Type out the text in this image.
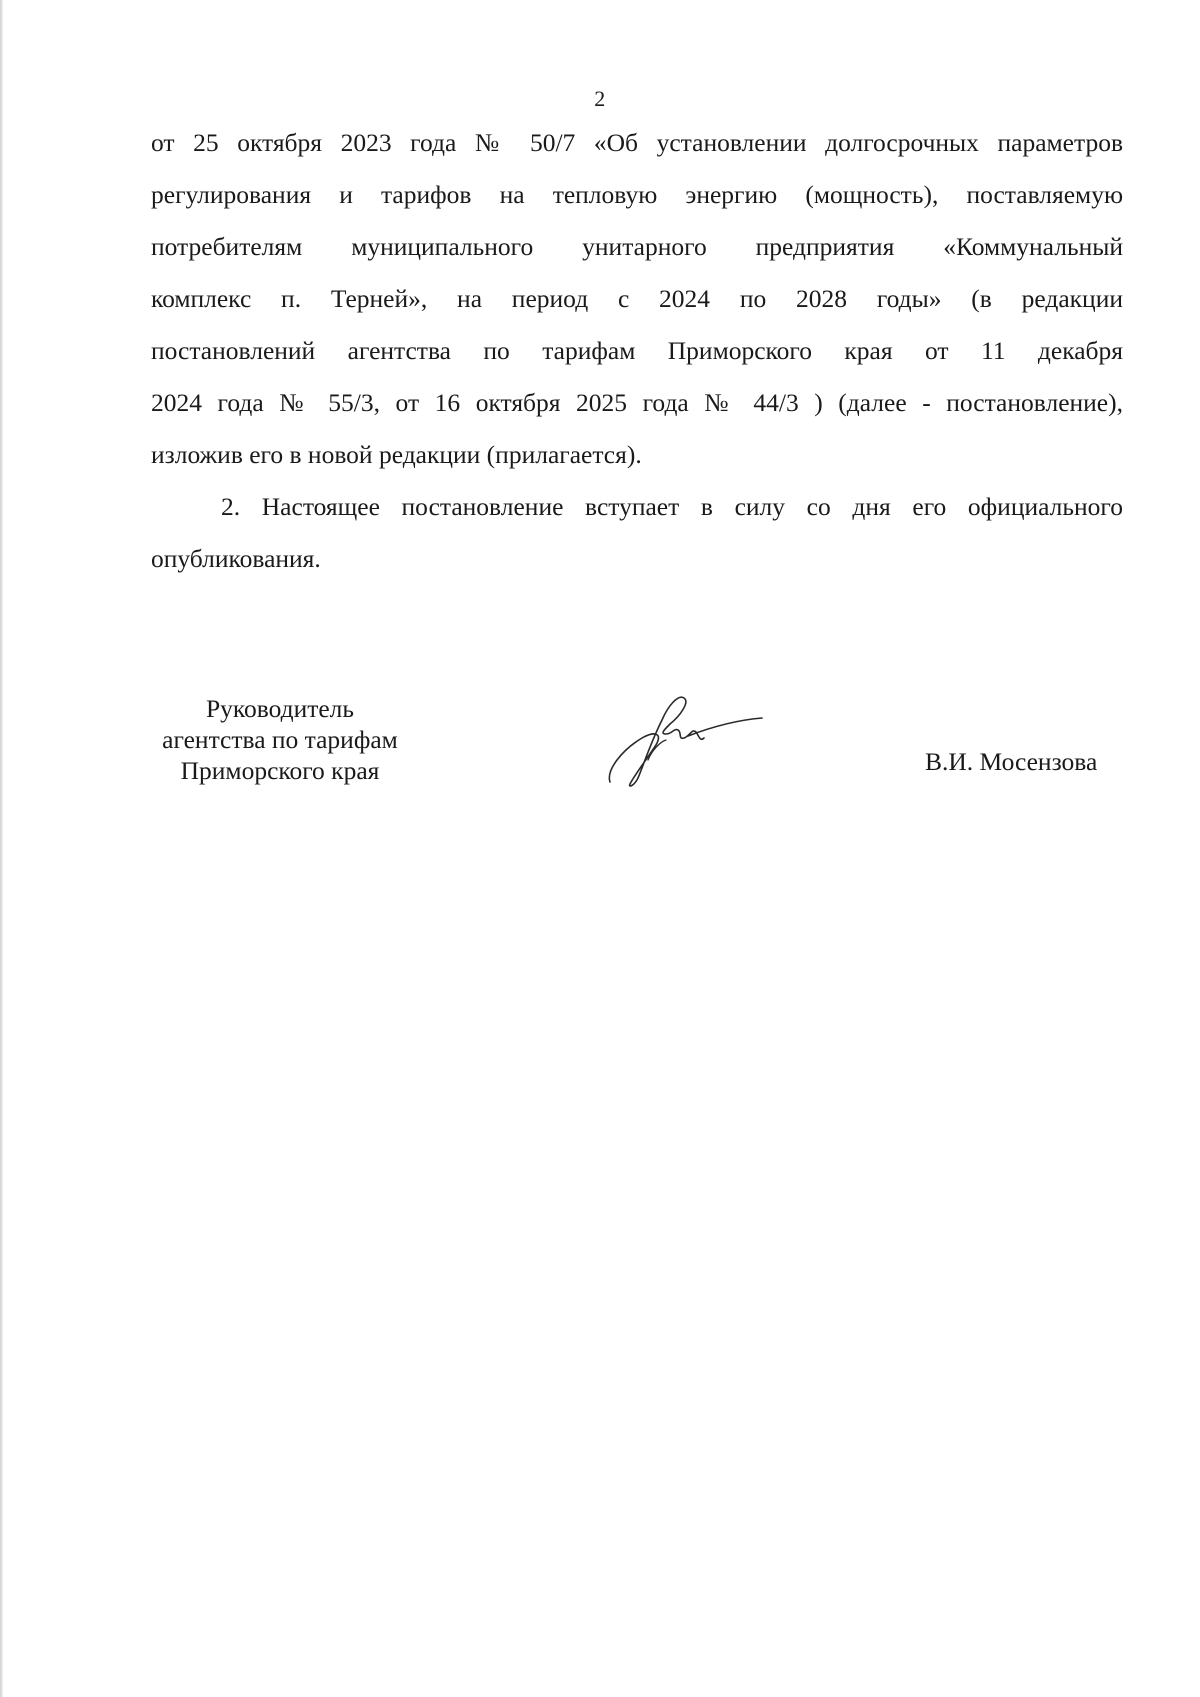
2
от 25 октября 2023 года № 50/7 «Об установлении долгосрочных параметров
регулирования и тарифов на тепловую энергию (мощность), поставляемую
потребителям муниципального унитарного предприятия «Коммунальный
комплекс п. Терней», на период с 2024 по 2028 годы» (в редакции
постановлений агентства по тарифам Приморского края от 11 декабря
2024 года № 55/3, от 16 октября 2025 года № 44/3 ) (далее - постановление),
изложив его в новой редакции (прилагается).
2. Настоящее постановление вступает в силу со дня его официального
опубликования.
Руководитель
агентства по тарифам
Приморского края	В.И. Мосензова
